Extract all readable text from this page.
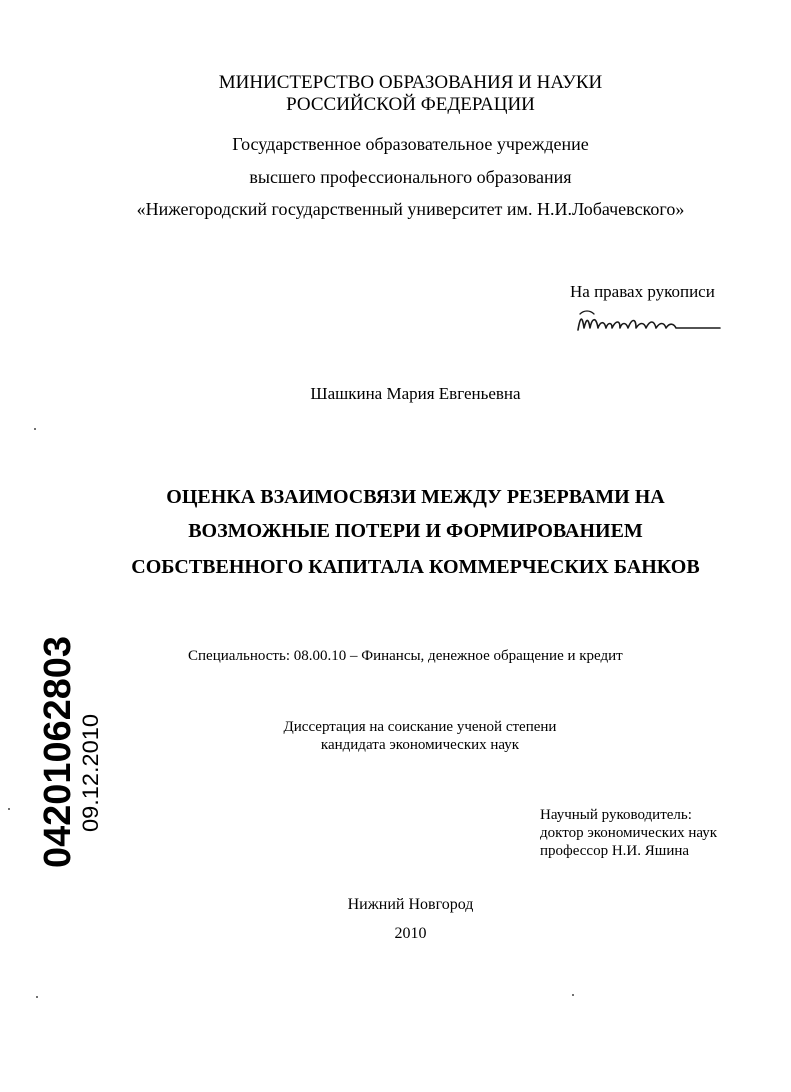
МИНИСТЕРСТВО ОБРАЗОВАНИЯ И НАУКИ
РОССИЙСКОЙ ФЕДЕРАЦИИ
Государственное образовательное учреждение
высшего профессионального образования
«Нижегородский государственный университет им. Н.И.Лобачевского»
На правах рукописи
Шашкина Мария Евгеньевна
ОЦЕНКА ВЗАИМОСВЯЗИ МЕЖДУ РЕЗЕРВАМИ НА
ВОЗМОЖНЫЕ ПОТЕРИ И ФОРМИРОВАНИЕМ
СОБСТВЕННОГО КАПИТАЛА КОММЕРЧЕСКИХ БАНКОВ
Специальность: 08.00.10 – Финансы, денежное обращение и кредит
Диссертация на соискание ученой степени
кандидата экономических наук
Научный руководитель:
доктор экономических наук
профессор Н.И. Яшина
Нижний Новгород
2010
04201062803 09.12.2010
